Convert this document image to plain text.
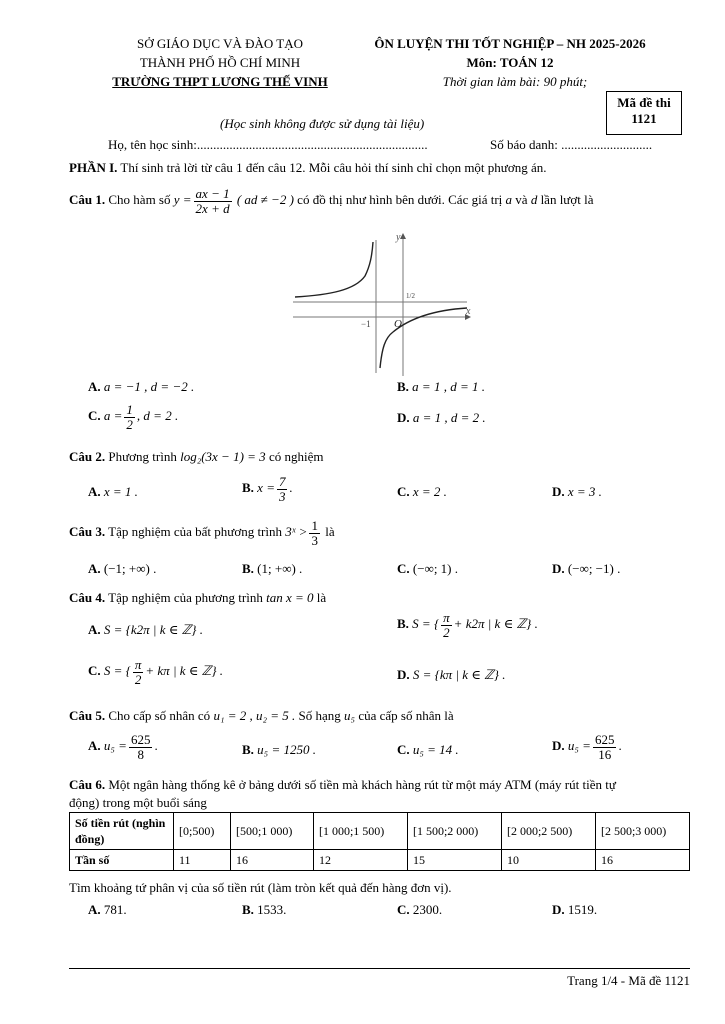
SỞ GIÁO DỤC VÀ ĐÀO TẠO
THÀNH PHỐ HỒ CHÍ MINH
TRƯỜNG THPT LƯƠNG THẾ VINH
ÔN LUYỆN THI TỐT NGHIỆP – NH 2025-2026
Môn: TOÁN 12
Thời gian làm bài: 90 phút;
Mã đề thi
1121
(Học sinh không được sử dụng tài liệu)
Họ, tên học sinh:.......................................................................	Số báo danh: ............................
PHẦN I. Thí sinh trả lời từ câu 1 đến câu 12. Mỗi câu hỏi thí sinh chỉ chọn một phương án.
Câu 1. Cho hàm số $y = \frac{ax - 1}{2x + d}$ ( ad ≠ −2 ) có đồ thị như hình bên dưới. Các giá trị a và d lần lượt là
y
x
O
−1
1/2
A. a = −1 , d = −2 .	B. a = 1 , d = 1 .
C. $a = \frac{1}{2}$ , d = 2 .	D. a = 1 , d = 2 .
Câu 2. Phương trình log₂(3x − 1) = 3 có nghiệm
A. x = 1 .	B. $x = \frac{7}{3}$ .	C. x = 2 .	D. x = 3 .
Câu 3. Tập nghiệm của bất phương trình 3ˣ > $\frac{1}{3}$ là
A. (−1; +∞) .	B. (1; +∞) .	C. (−∞; 1) .	D. (−∞; −1) .
Câu 4. Tập nghiệm của phương trình tan x = 0 là
A. S = {k2π | k ∈ ℤ} .	B. S = { $\frac{\pi}{2} + k2\pi$ | k ∈ ℤ} .
C. S = { $\frac{\pi}{2} + k\pi$ | k ∈ ℤ} .	D. S = {kπ | k ∈ ℤ} .
Câu 5. Cho cấp số nhân có u₁ = 2 , u₂ = 5 . Số hạng u₅ của cấp số nhân là
A. $u_5 = \frac{625}{8}$ .	B. u₅ = 1250 .	C. u₅ = 14 .	D. $u_5 = \frac{625}{16}$ .
Câu 6. Một ngân hàng thống kê ở bảng dưới số tiền mà khách hàng rút từ một máy ATM (máy rút tiền tự
động) trong một buổi sáng
Số tiền rút (nghìn đồng)	[0;500)	[500;1 000)	[1 000;1 500)	[1 500;2 000)	[2 000;2 500)	[2 500;3 000)
Tần số	11	16	12	15	10	16
Tìm khoảng tứ phân vị của số tiền rút (làm tròn kết quả đến hàng đơn vị).
A. 781.	B. 1533.	C. 2300.	D. 1519.
Trang 1/4 - Mã đề 1121
